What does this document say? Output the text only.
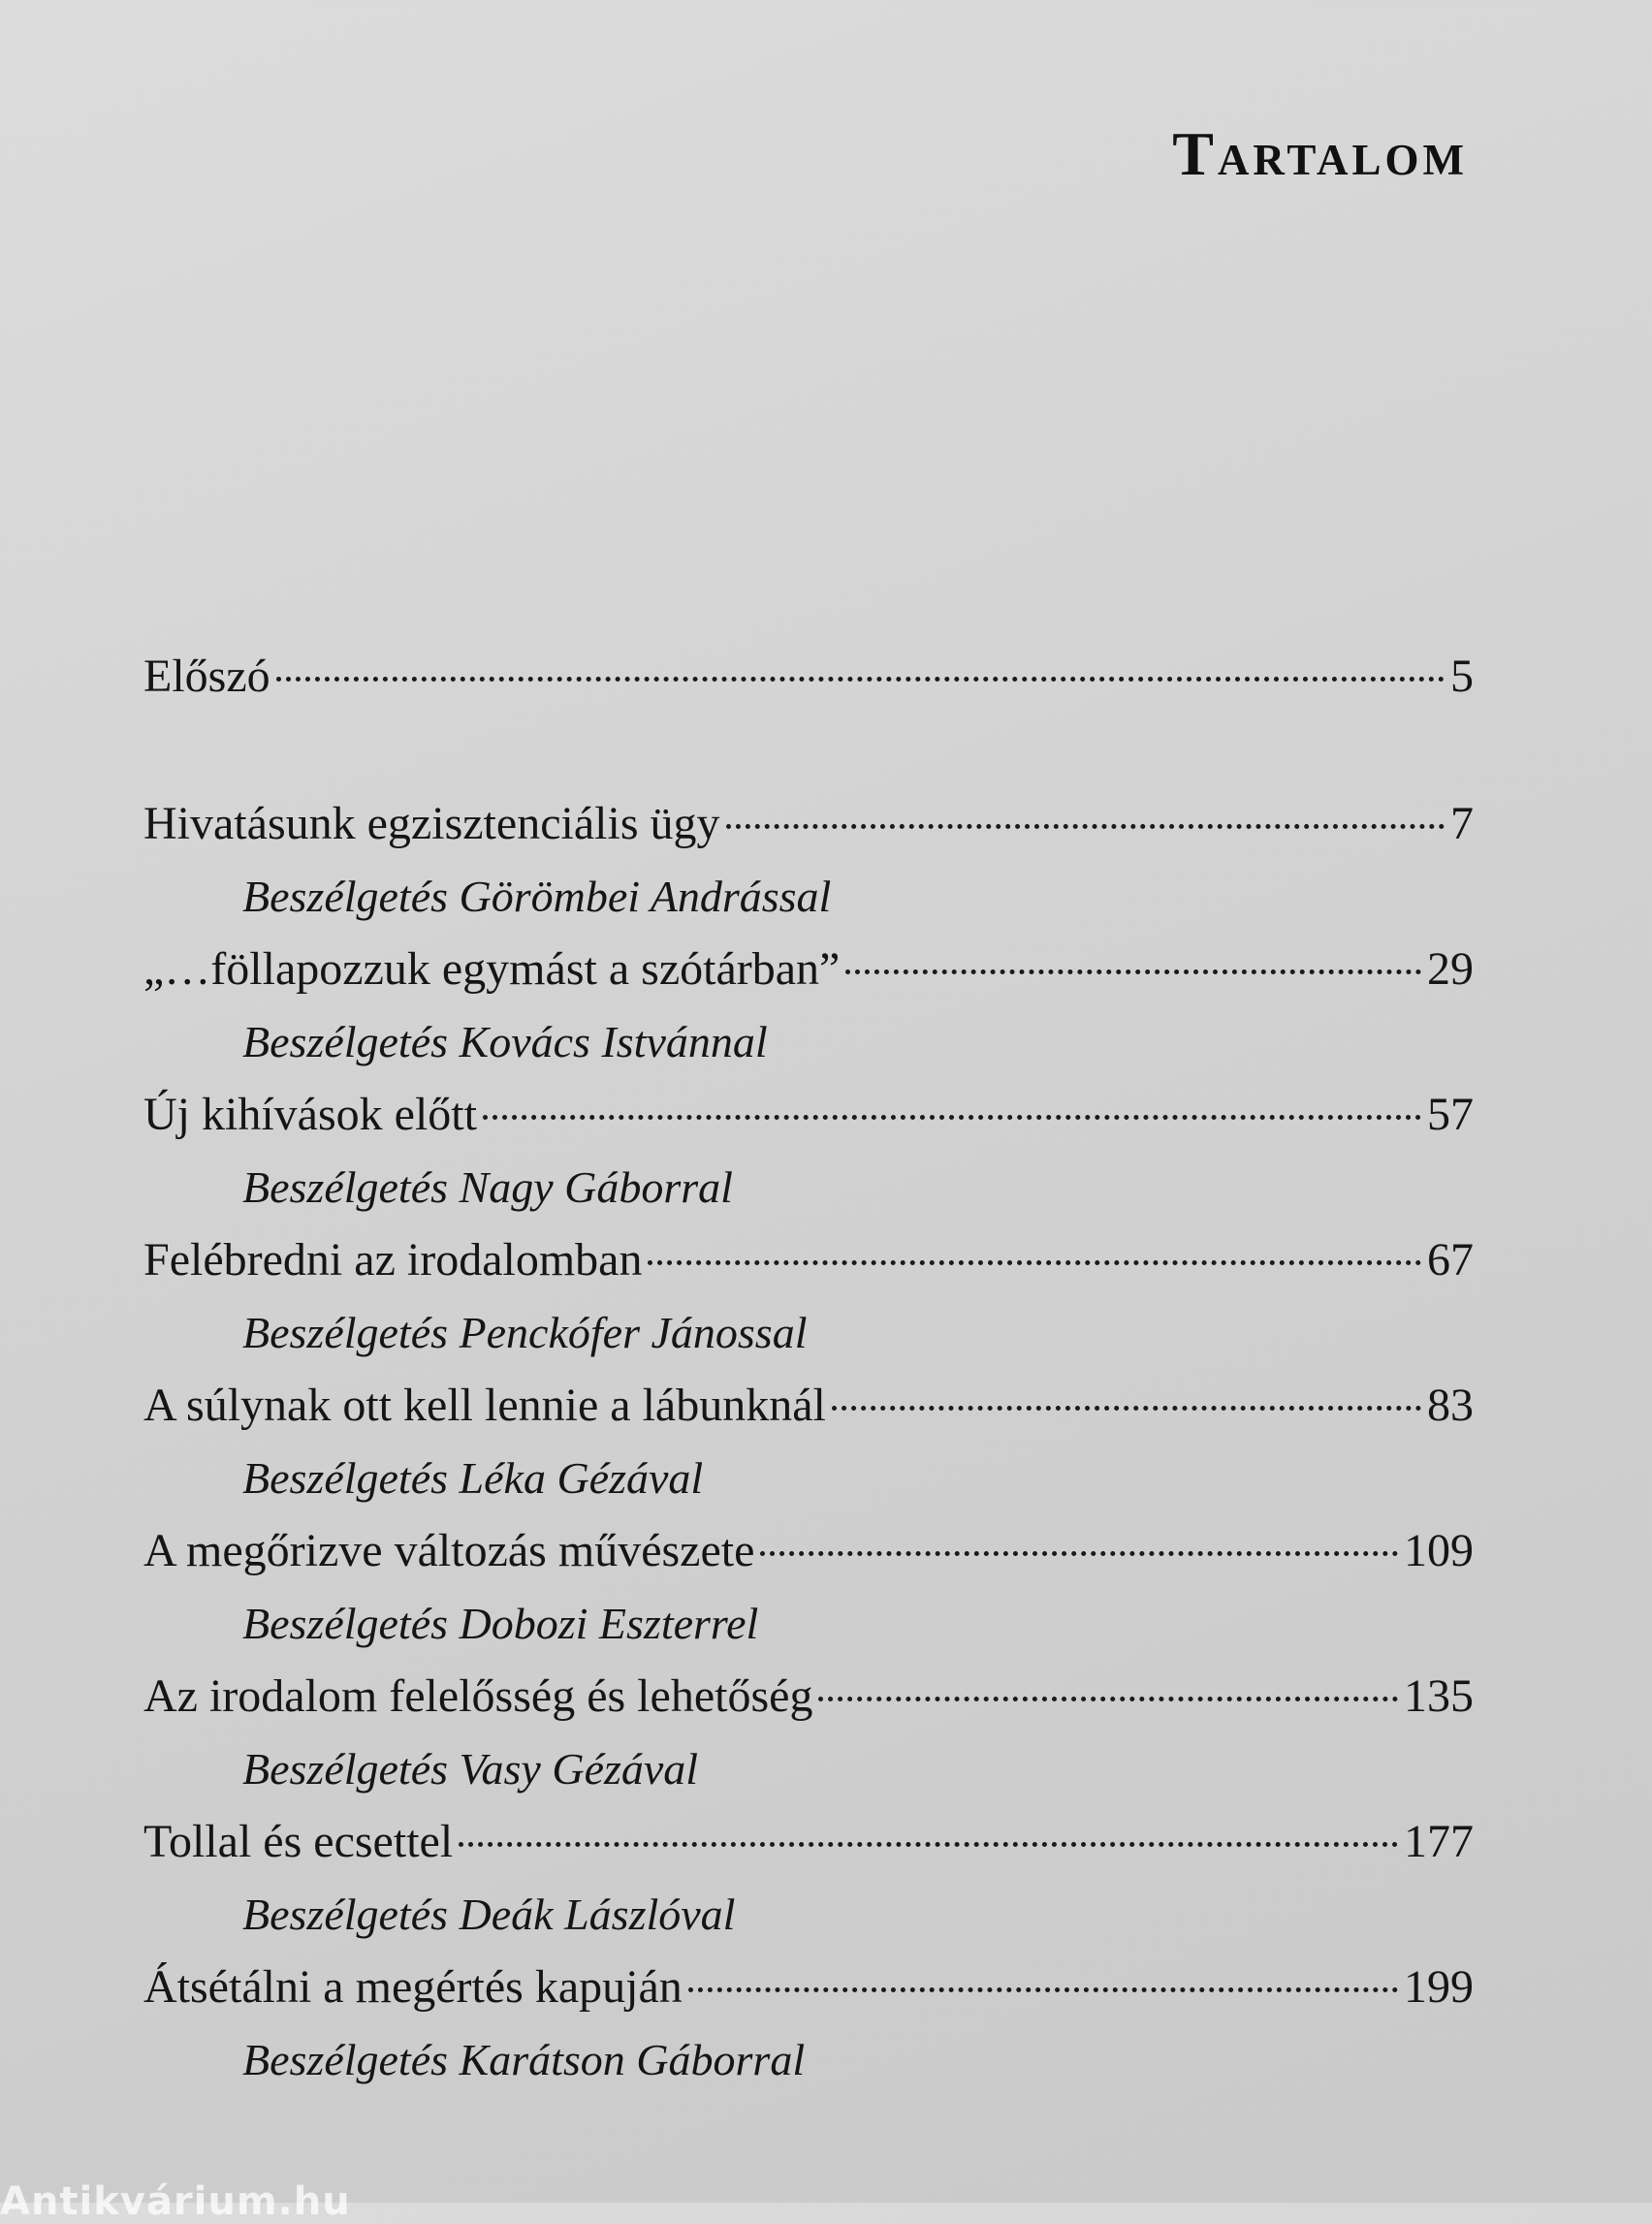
Tartalom
Előszó	5
Hivatásunk egzisztenciális ügy	7
Beszélgetés Görömbei Andrással
„…föllapozzuk egymást a szótárban”	29
Beszélgetés Kovács Istvánnal
Új kihívások előtt	57
Beszélgetés Nagy Gáborral
Felébredni az irodalomban	67
Beszélgetés Penckófer Jánossal
A súlynak ott kell lennie a lábunknál	83
Beszélgetés Léka Gézával
A megőrizve változás művészete	109
Beszélgetés Dobozi Eszterrel
Az irodalom felelősség és lehetőség	135
Beszélgetés Vasy Gézával
Tollal és ecsettel	177
Beszélgetés Deák Lászlóval
Átsétálni a megértés kapuján	199
Beszélgetés Karátson Gáborral
Antikvárium.hu
